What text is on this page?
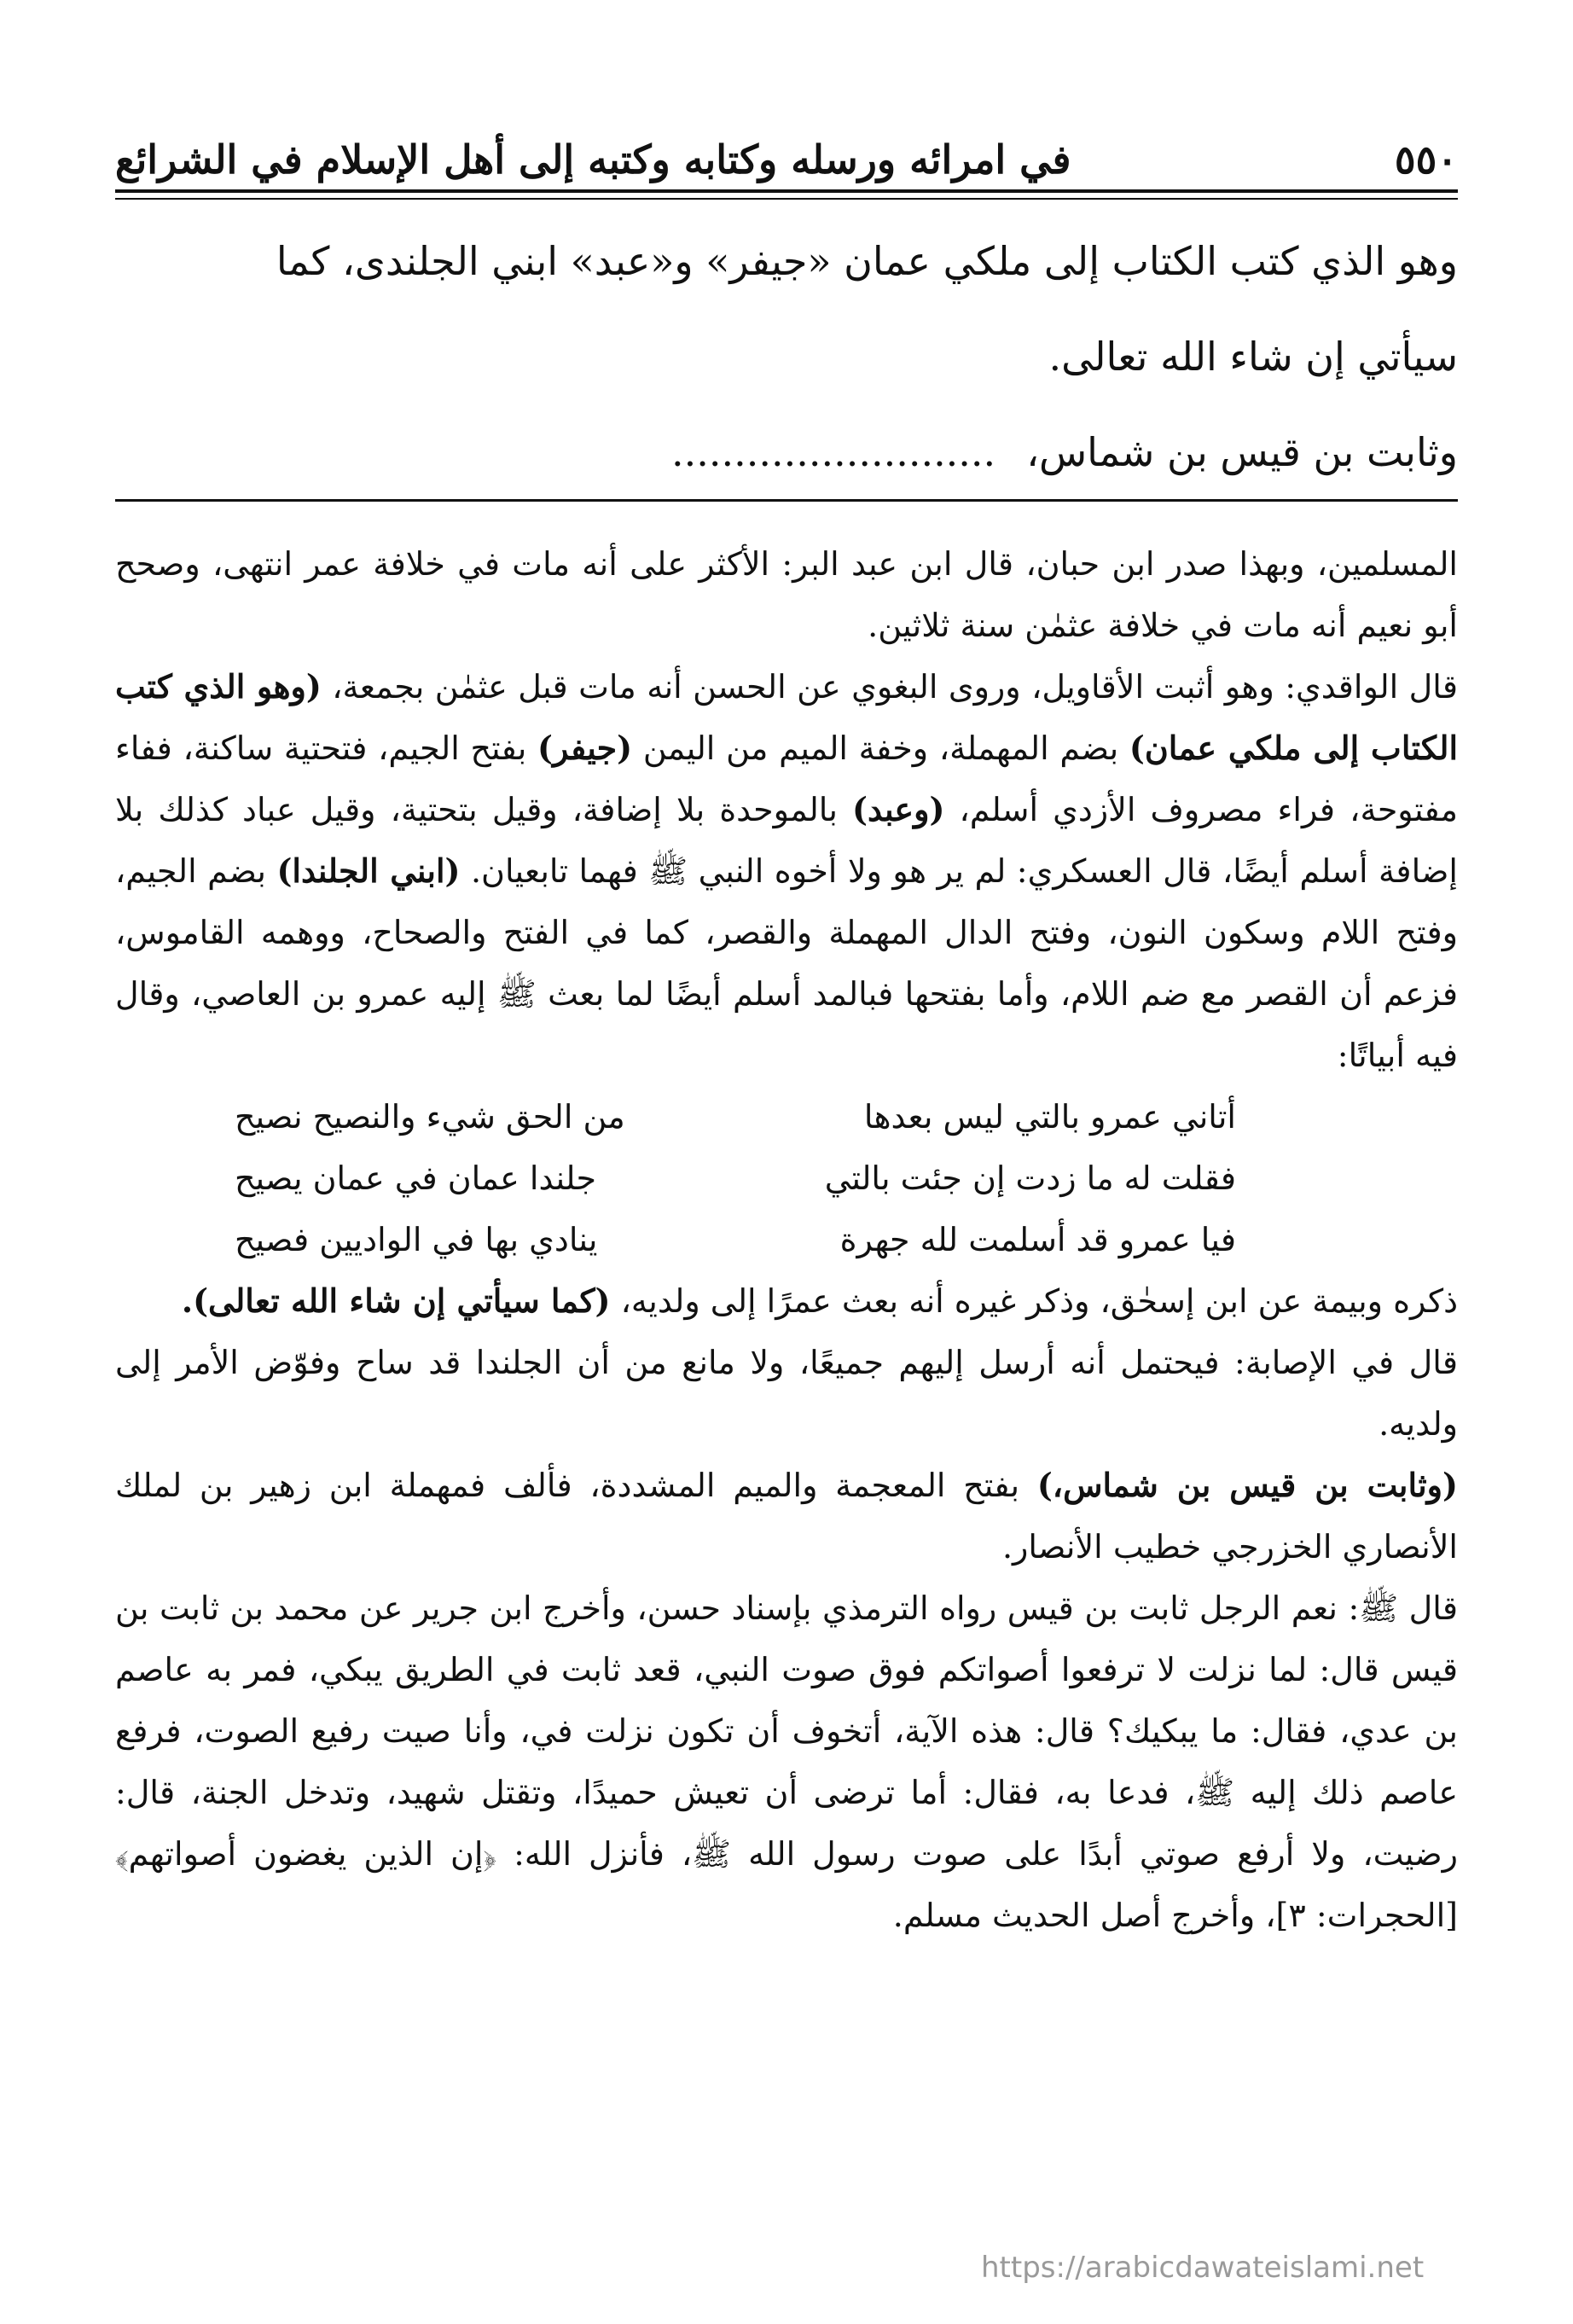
٥٥٠
في امرائه ورسله وكتابه وكتبه إلى أهل الإسلام في الشرائع

وهو الذي كتب الكتاب إلى ملكي عمان «جيفر» و«عبد» ابني الجلندى، كما

سيأتي إن شاء الله تعالى.

وثابت بن قيس بن شماس،
..........................

المسلمين، وبهذا صدر ابن حبان، قال ابن عبد البر: الأكثر على أنه مات في خلافة عمر انتهى، وصحح أبو نعيم أنه مات في خلافة عثمٰن سنة ثلاثين.

قال الواقدي: وهو أثبت الأقاويل، وروى البغوي عن الحسن أنه مات قبل عثمٰن بجمعة، (وهو الذي كتب الكتاب إلى ملكي عمان) بضم المهملة، وخفة الميم من اليمن (جيفر) بفتح الجيم، فتحتية ساكنة، ففاء مفتوحة، فراء مصروف الأزدي أسلم، (وعبد) بالموحدة بلا إضافة، وقيل بتحتية، وقيل عباد كذلك بلا إضافة أسلم أيضًا، قال العسكري: لم ير هو ولا أخوه النبي ﷺ فهما تابعيان. (ابني الجلندا) بضم الجيم، وفتح اللام وسكون النون، وفتح الدال المهملة والقصر، كما في الفتح والصحاح، ووهمه القاموس، فزعم أن القصر مع ضم اللام، وأما بفتحها فبالمد أسلم أيضًا لما بعث ﷺ إليه عمرو بن العاصي، وقال فيه أبياتًا:

أتاني عمرو بالتي ليس بعدها
من الحق شيء والنصيح نصيح
فقلت له ما زدت إن جئت بالتي
جلندا عمان في عمان يصيح
فيا عمرو قد أسلمت لله جهرة
ينادي بها في الواديين فصيح

ذكره وبيمة عن ابن إسحٰق، وذكر غيره أنه بعث عمرًا إلى ولديه، (كما سيأتي إن شاء الله تعالى).

قال في الإصابة: فيحتمل أنه أرسل إليهم جميعًا، ولا مانع من أن الجلندا قد ساح وفوّض الأمر إلى ولديه.

(وثابت بن قيس بن شماس،) بفتح المعجمة والميم المشددة، فألف فمهملة ابن زهير بن لملك الأنصاري الخزرجي خطيب الأنصار.

قال ﷺ: نعم الرجل ثابت بن قيس رواه الترمذي بإسناد حسن، وأخرج ابن جرير عن محمد بن ثابت بن قيس قال: لما نزلت لا ترفعوا أصواتكم فوق صوت النبي، قعد ثابت في الطريق يبكي، فمر به عاصم بن عدي، فقال: ما يبكيك؟ قال: هذه الآية، أتخوف أن تكون نزلت في، وأنا صيت رفيع الصوت، فرفع عاصم ذلك إليه ﷺ، فدعا به، فقال: أما ترضى أن تعيش حميدًا، وتقتل شهيد، وتدخل الجنة، قال: رضيت، ولا أرفع صوتي أبدًا على صوت رسول الله ﷺ، فأنزل الله: ﴿إن الذين يغضون أصواتهم﴾ [الحجرات: ٣]، وأخرج أصل الحديث مسلم.

https://arabicdawateislami.net
